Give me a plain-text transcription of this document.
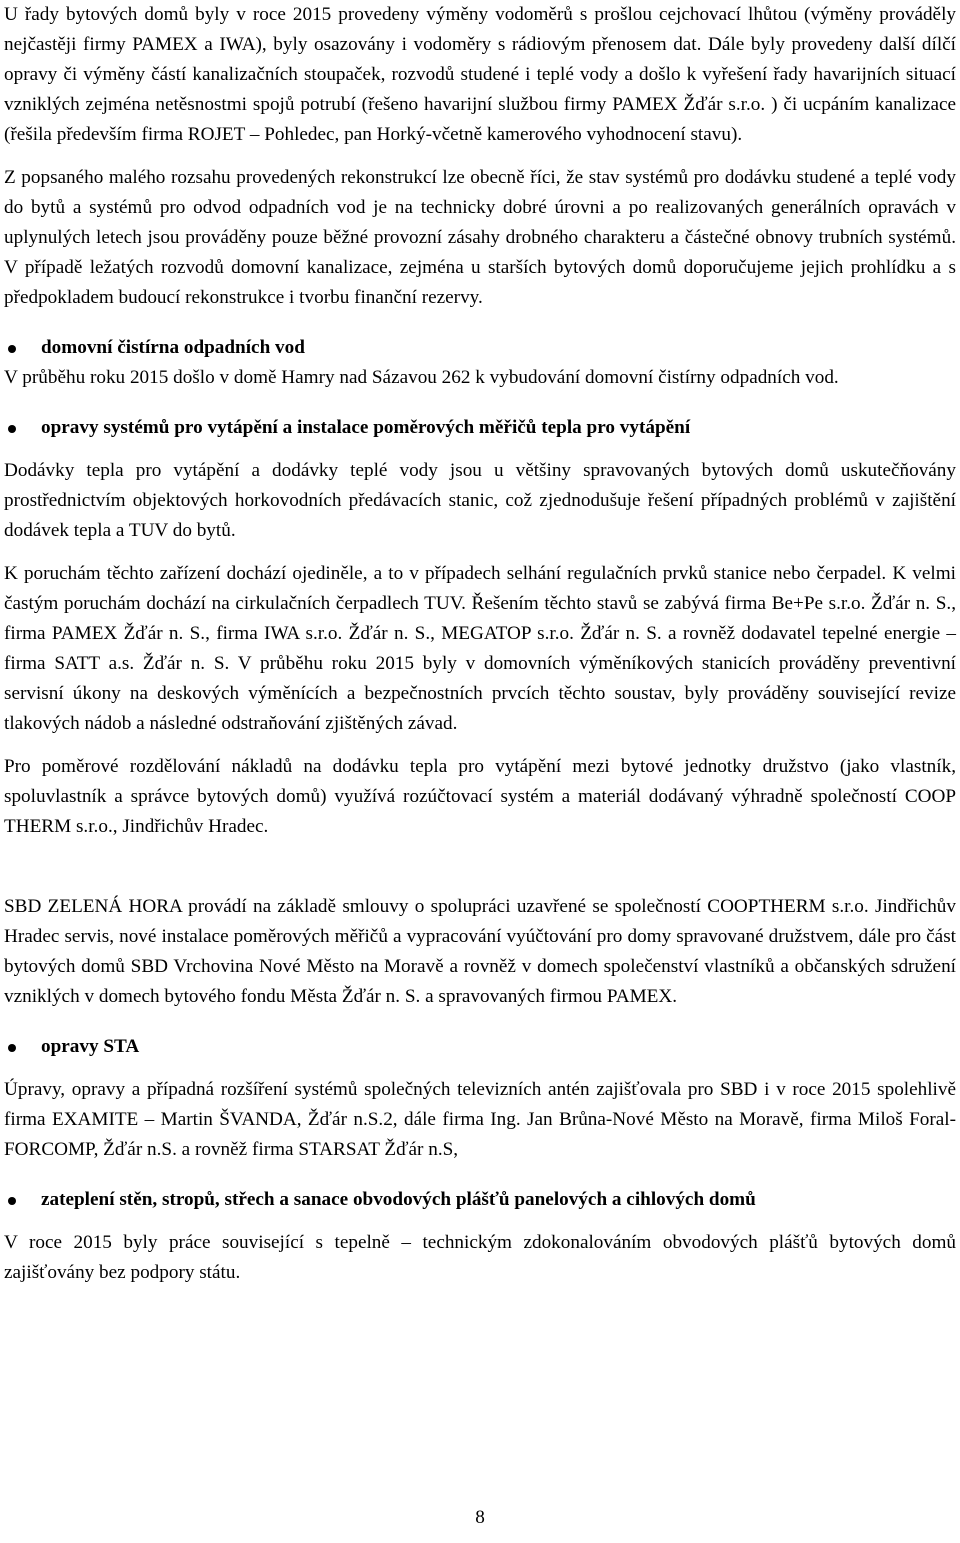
U řady bytových domů byly v roce 2015 provedeny výměny vodoměrů s prošlou cejchovací lhůtou (výměny prováděly nejčastěji firmy PAMEX a IWA), byly osazovány i vodoměry s rádiovým přenosem dat. Dále byly provedeny další dílčí opravy či výměny částí kanalizačních stoupaček, rozvodů studené i teplé vody a došlo k vyřešení řady havarijních situací vzniklých zejména netěsnostmi spojů potrubí (řešeno havarijní službou firmy PAMEX Žďár s.r.o. ) či ucpáním kanalizace (řešila především firma ROJET – Pohledec, pan Horký-včetně kamerového vyhodnocení stavu).

Z popsaného malého rozsahu provedených rekonstrukcí lze obecně říci, že stav systémů pro dodávku studené a teplé vody do bytů a systémů pro odvod odpadních vod je na technicky dobré úrovni a po realizovaných generálních opravách v uplynulých letech jsou prováděny pouze běžné provozní zásahy drobného charakteru a částečné obnovy trubních systémů. V případě ležatých rozvodů domovní kanalizace, zejména u starších bytových domů doporučujeme jejich prohlídku a s předpokladem budoucí rekonstrukce i tvorbu finanční rezervy.

domovní čistírna odpadních vod

V průběhu roku 2015 došlo v domě Hamry nad Sázavou 262 k vybudování domovní čistírny odpadních vod.

opravy systémů pro vytápění a instalace poměrových měřičů tepla pro vytápění

Dodávky tepla pro vytápění a dodávky teplé vody jsou u většiny spravovaných bytových domů uskutečňovány prostřednictvím objektových horkovodních předávacích stanic, což zjednodušuje řešení případných problémů v zajištění dodávek tepla a TUV do bytů.

K poruchám těchto zařízení dochází ojediněle, a to v případech selhání regulačních prvků stanice nebo čerpadel. K velmi častým poruchám dochází na cirkulačních čerpadlech TUV. Řešením těchto stavů se zabývá firma Be+Pe s.r.o. Žďár n. S., firma PAMEX Žďár n. S., firma IWA s.r.o. Žďár n. S., MEGATOP s.r.o. Žďár n. S. a rovněž dodavatel tepelné energie – firma SATT a.s. Žďár n. S. V průběhu roku 2015 byly v domovních výměníkových stanicích prováděny preventivní servisní úkony na deskových výměnících a bezpečnostních prvcích těchto soustav, byly prováděny související revize tlakových nádob a následné odstraňování zjištěných závad.

Pro poměrové rozdělování nákladů na dodávku tepla pro vytápění mezi bytové jednotky družstvo (jako vlastník, spoluvlastník a správce bytových domů) využívá rozúčtovací systém a materiál dodávaný výhradně společností COOP THERM s.r.o., Jindřichův Hradec.

SBD ZELENÁ HORA provádí na základě smlouvy o spolupráci uzavřené se společností COOPTHERM s.r.o. Jindřichův Hradec servis, nové instalace poměrových měřičů a vypracování vyúčtování pro domy spravované družstvem, dále pro část bytových domů SBD Vrchovina Nové Město na Moravě a rovněž v domech společenství vlastníků a občanských sdružení vzniklých v domech bytového fondu Města Žďár n. S. a spravovaných firmou PAMEX.

opravy STA

Úpravy, opravy a případná rozšíření systémů společných televizních antén zajišťovala pro SBD i v roce 2015 spolehlivě firma EXAMITE – Martin ŠVANDA, Žďár n.S.2, dále firma Ing. Jan Brůna-Nové Město na Moravě, firma Miloš Foral-FORCOMP, Žďár n.S. a rovněž firma STARSAT Žďár n.S,

zateplení stěn, stropů, střech a sanace obvodových plášťů panelových a cihlových domů

V roce 2015 byly práce související s tepelně – technickým zdokonalováním obvodových plášťů bytových domů zajišťovány bez podpory státu.

8
